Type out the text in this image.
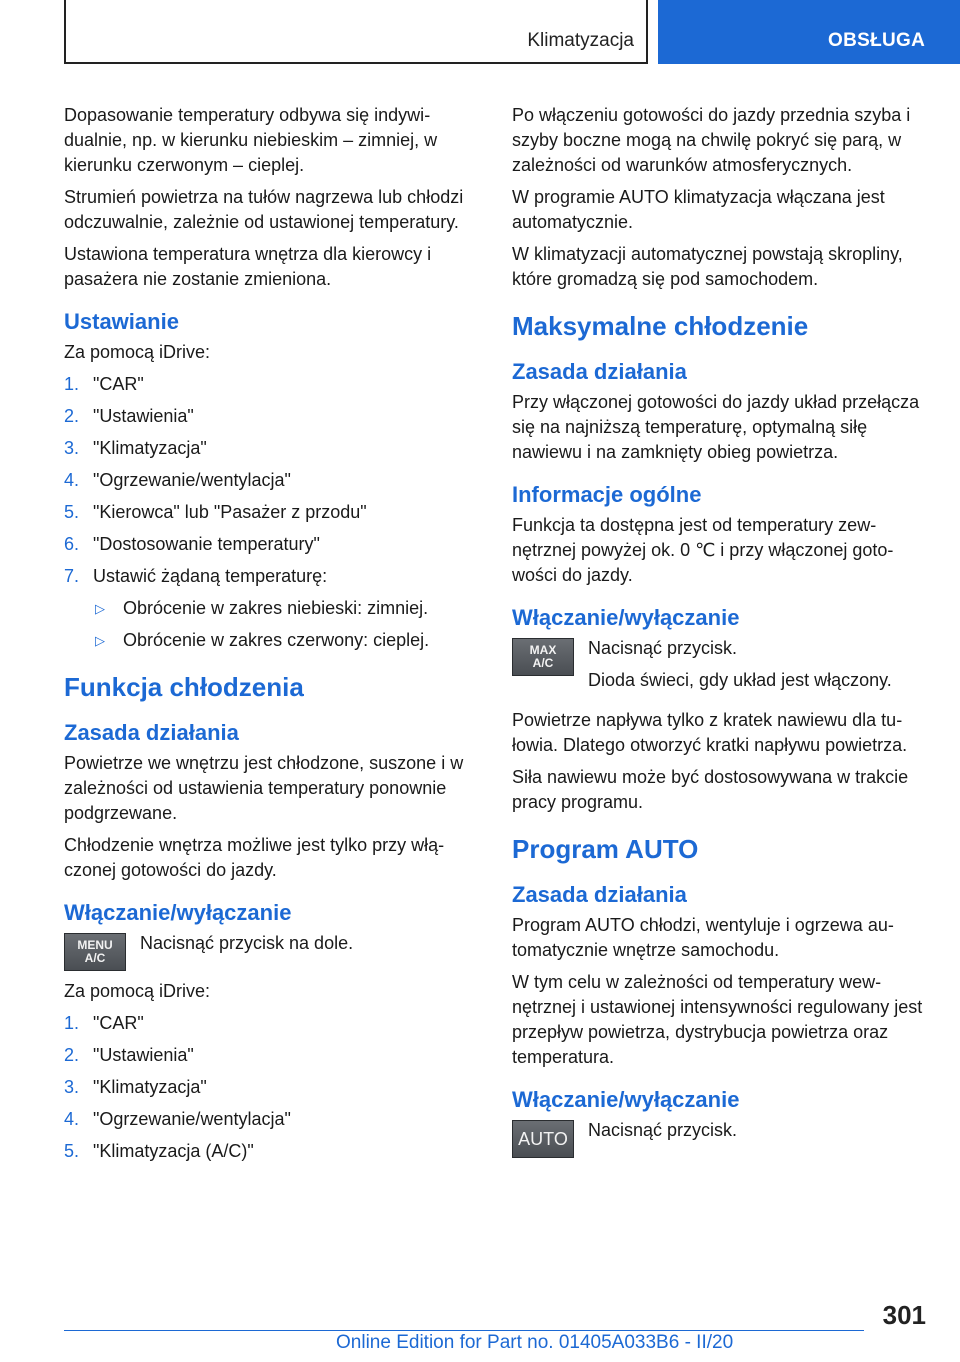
Klimatyzacja	OBSŁUGA

Dopasowanie temperatury odbywa się indywidualnie, np. w kierunku niebieskim – zimniej, w kierunku czerwonym – cieplej.

Strumień powietrza na tułów nagrzewa lub chłodzi odczuwalnie, zależnie od ustawionej temperatury.

Ustawiona temperatura wnętrza dla kierowcy i pasażera nie zostanie zmieniona.

Ustawianie

Za pomocą iDrive:

1. "CAR"
2. "Ustawienia"
3. "Klimatyzacja"
4. "Ogrzewanie/wentylacja"
5. "Kierowca" lub "Pasażer z przodu"
6. "Dostosowanie temperatury"
7. Ustawić żądaną temperaturę:
▷	Obrócenie w zakres niebieski: zimniej.
▷	Obrócenie w zakres czerwony: cieplej.
Funkcja chłodzenia
Zasada działania

Powietrze we wnętrzu jest chłodzone, suszone i w zależności od ustawienia temperatury ponownie podgrzewane.

Chłodzenie wnętrza możliwe jest tylko przy włączonej gotowości do jazdy.

Włączanie/wyłączanie
MENU
A/C
Nacisnąć przycisk na dole.

Za pomocą iDrive:

1. "CAR"
2. "Ustawienia"
3. "Klimatyzacja"
4. "Ogrzewanie/wentylacja"
5. "Klimatyzacja (A/C)"

Po włączeniu gotowości do jazdy przednia szyba i szyby boczne mogą na chwilę pokryć się parą, w zależności od warunków atmosferycznych.

W programie AUTO klimatyzacja włączana jest automatycznie.

W klimatyzacji automatycznej powstają skropliny, które gromadzą się pod samochodem.

Maksymalne chłodzenie
Zasada działania

Przy włączonej gotowości do jazdy układ przełącza się na najniższą temperaturę, optymalną siłę nawiewu i na zamknięty obieg powietrza.

Informacje ogólne

Funkcja ta dostępna jest od temperatury zewnętrznej powyżej ok. 0 ℃ i przy włączonej gotowości do jazdy.

Włączanie/wyłączanie
MAX
A/C

Nacisnąć przycisk.

Dioda świeci, gdy układ jest włączony.

Powietrze napływa tylko z kratek nawiewu dla tułowia. Dlatego otworzyć kratki napływu powietrza.

Siła nawiewu może być dostosowywana w trakcie pracy programu.

Program AUTO
Zasada działania

Program AUTO chłodzi, wentyluje i ogrzewa automatycznie wnętrze samochodu.

W tym celu w zależności od temperatury wewnętrznej i ustawionej intensywności regulowany jest przepływ powietrza, dystrybucja powietrza oraz temperatura.

Włączanie/wyłączanie
AUTO	Nacisnąć przycisk.
301
Online Edition for Part no. 01405A033B6 - II/20
